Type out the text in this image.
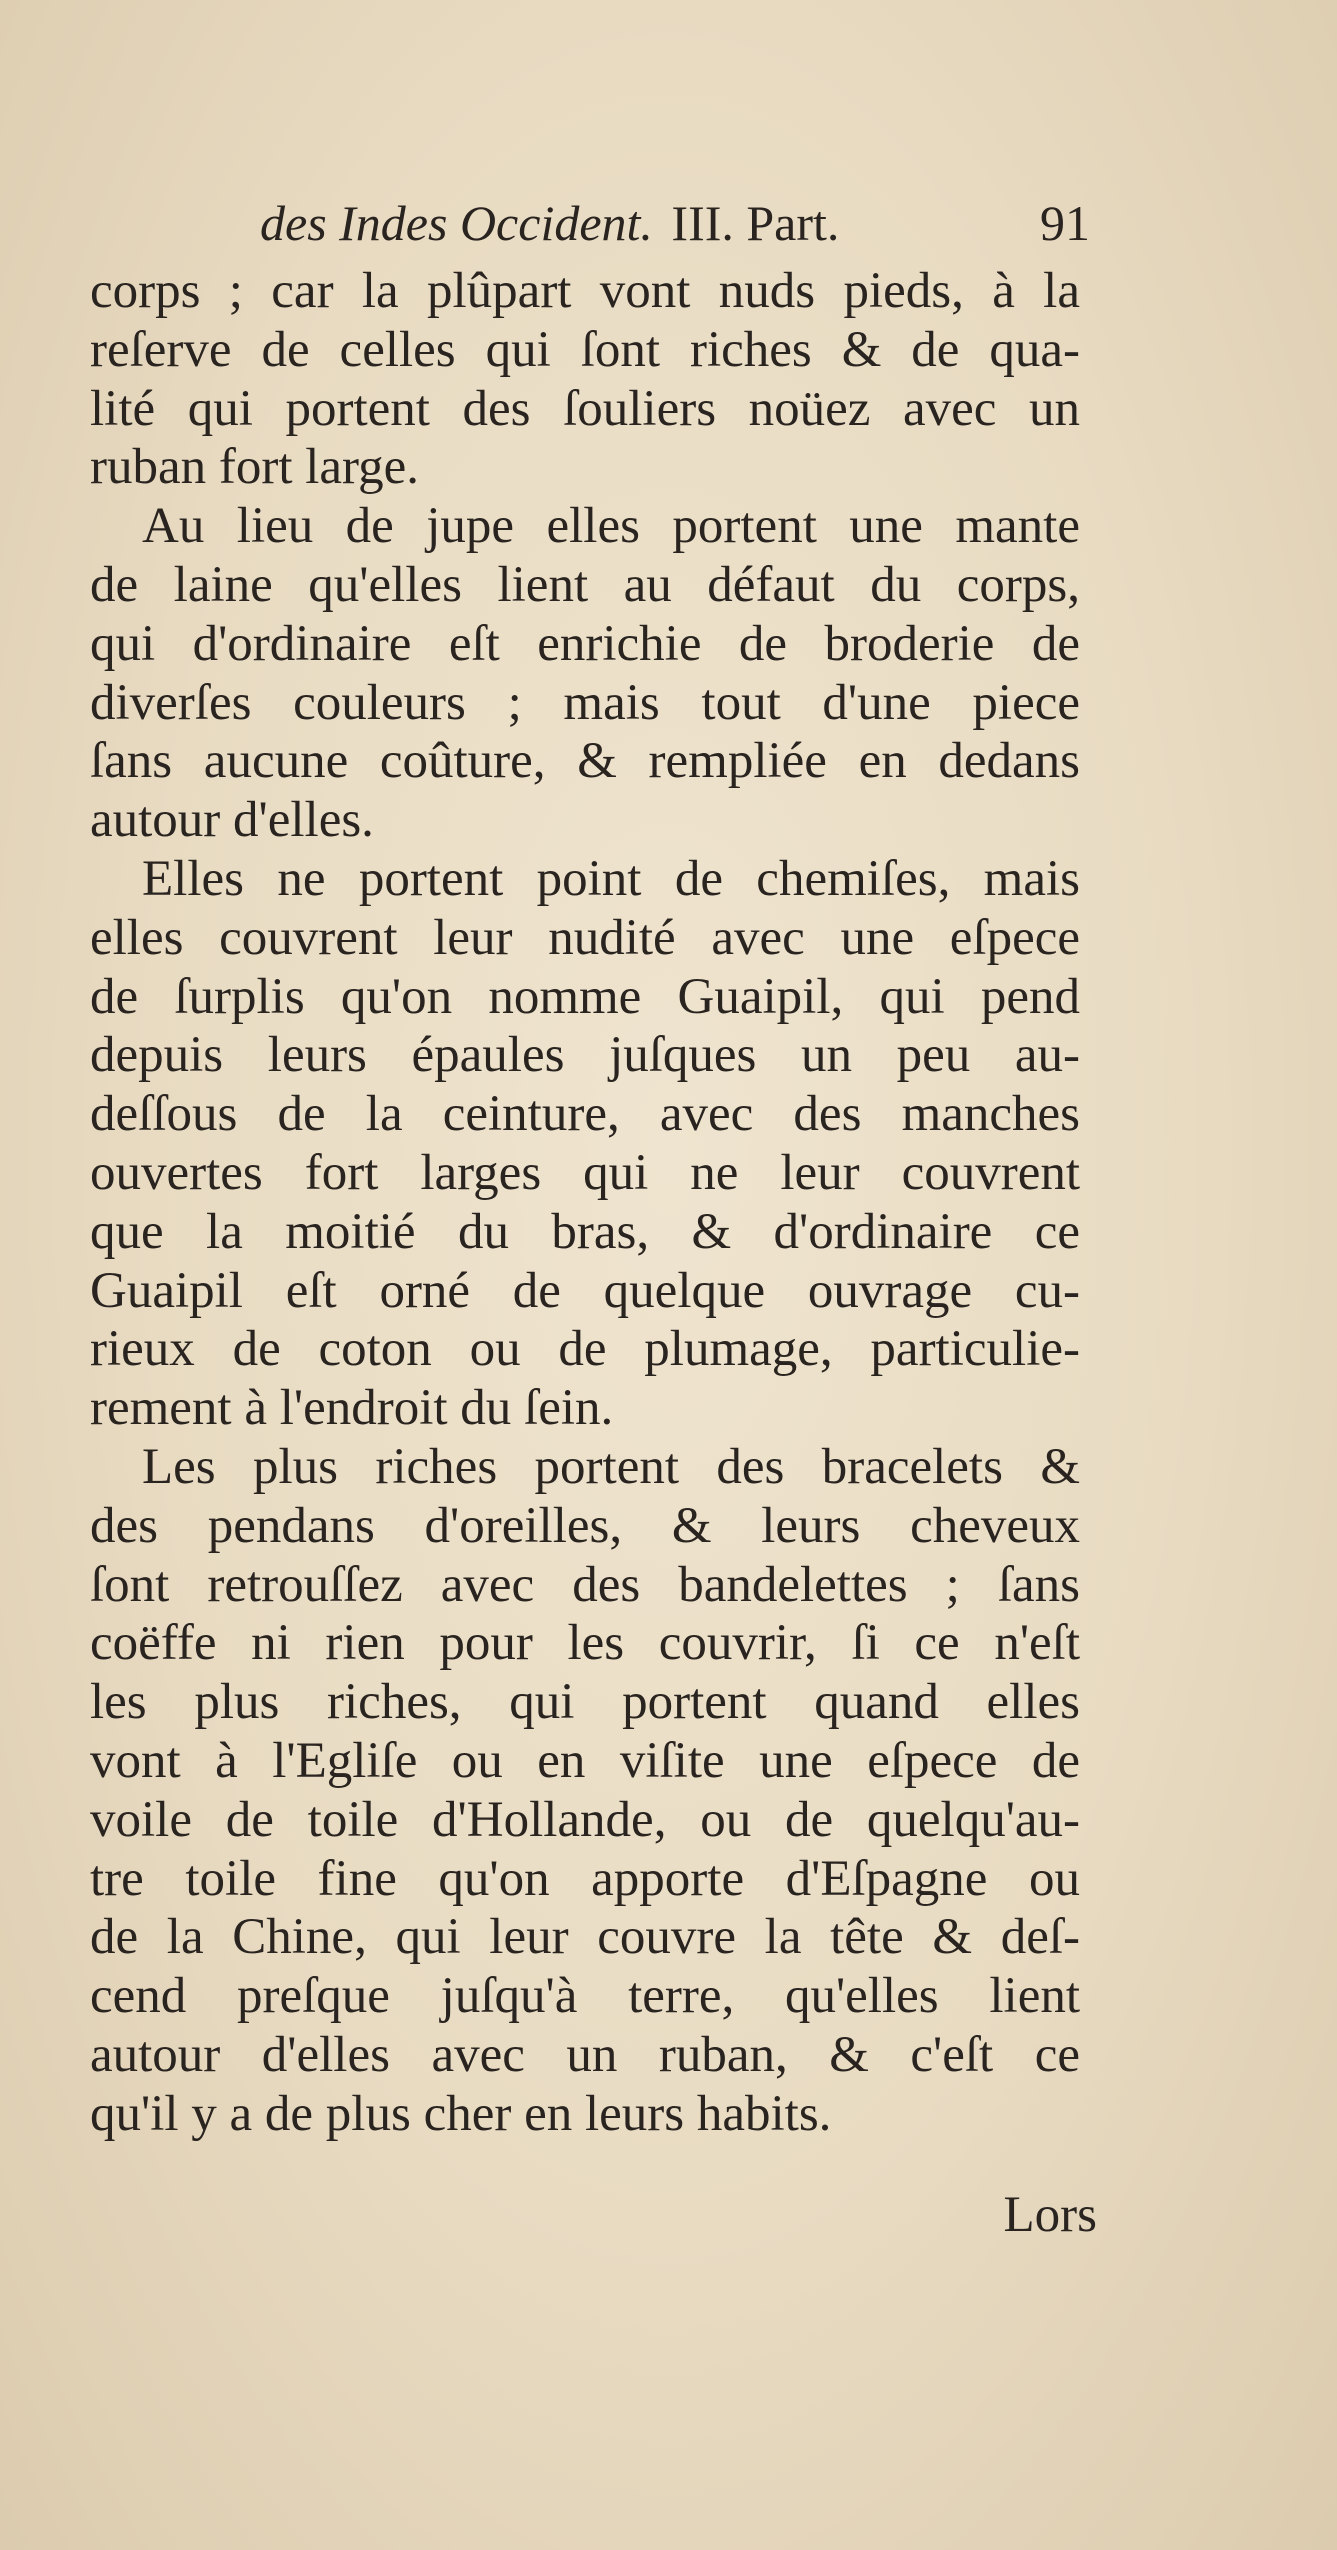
des Indes Occident. III. Part.	91
corps ; car la plûpart vont nuds pieds, à la
reſerve de celles qui ſont riches & de qua-
lité qui portent des ſouliers noüez avec un
ruban fort large.
Au lieu de jupe elles portent une mante
de laine qu'elles lient au défaut du corps,
qui d'ordinaire eſt enrichie de broderie de
diverſes couleurs ; mais tout d'une piece
ſans aucune coûture, & rempliée en dedans
autour d'elles.
Elles ne portent point de chemiſes, mais
elles couvrent leur nudité avec une eſpece
de ſurplis qu'on nomme Guaipil, qui pend
depuis leurs épaules juſques un peu au-
deſſous de la ceinture, avec des manches
ouvertes fort larges qui ne leur couvrent
que la moitié du bras, & d'ordinaire ce
Guaipil eſt orné de quelque ouvrage cu-
rieux de coton ou de plumage, particulie-
rement à l'endroit du ſein.
Les plus riches portent des bracelets &
des pendans d'oreilles, & leurs cheveux
ſont retrouſſez avec des bandelettes ; ſans
coëffe ni rien pour les couvrir, ſi ce n'eſt
les plus riches, qui portent quand elles
vont à l'Egliſe ou en viſite une eſpece de
voile de toile d'Hollande, ou de quelqu'au-
tre toile fine qu'on apporte d'Eſpagne ou
de la Chine, qui leur couvre la tête & deſ-
cend preſque juſqu'à terre, qu'elles lient
autour d'elles avec un ruban, & c'eſt ce
qu'il y a de plus cher en leurs habits.
Lors
